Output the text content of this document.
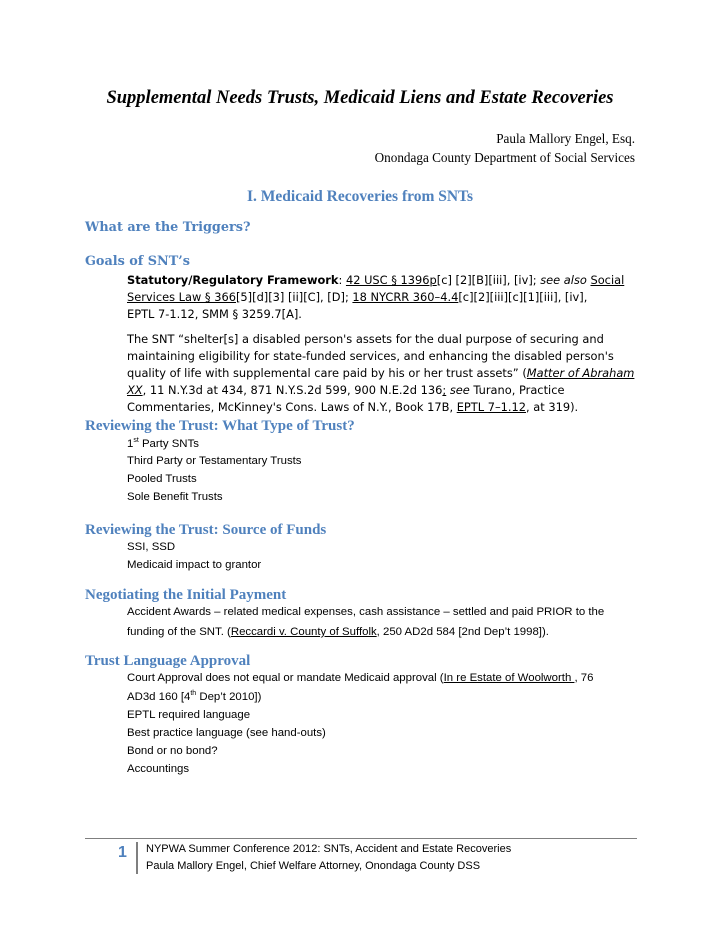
Supplemental Needs Trusts, Medicaid Liens and Estate Recoveries
Paula Mallory Engel, Esq.
Onondaga County Department of Social Services
I. Medicaid Recoveries from SNTs
What are the Triggers?
Goals of SNT’s
Statutory/Regulatory Framework: 42 USC § 1396p[c] [2][B][iii], [iv]; see also Social
Services Law § 366[5][d][3] [ii][C], [D]; 18 NYCRR 360–4.4[c][2][iii][c][1][iii], [iv],
EPTL 7-1.12, SMM § 3259.7[A].
The SNT “shelter[s] a disabled person's assets for the dual purpose of securing and
maintaining eligibility for state-funded services, and enhancing the disabled person's
quality of life with supplemental care paid by his or her trust assets” (Matter of Abraham
XX, 11 N.Y.3d at 434, 871 N.Y.S.2d 599, 900 N.E.2d 136; see Turano, Practice
Commentaries, McKinney's Cons. Laws of N.Y., Book 17B, EPTL 7–1.12, at 319).
Reviewing the Trust: What Type of Trust?
1st Party SNTs
Third Party or Testamentary Trusts
Pooled Trusts
Sole Benefit Trusts
Reviewing the Trust: Source of Funds
SSI, SSD
Medicaid impact to grantor
Negotiating the Initial Payment
Accident Awards – related medical expenses, cash assistance – settled and paid PRIOR to the
funding of the SNT. (Reccardi v. County of Suffolk, 250 AD2d 584 [2nd Dep’t 1998]).
Trust Language Approval
Court Approval does not equal or mandate Medicaid approval (In re Estate of Woolworth , 76
AD3d 160 [4th Dep’t 2010])
EPTL required language
Best practice language (see hand-outs)
Bond or no bond?
Accountings
1 NYPWA Summer Conference 2012: SNTs, Accident and Estate Recoveries
Paula Mallory Engel, Chief Welfare Attorney, Onondaga County DSS
